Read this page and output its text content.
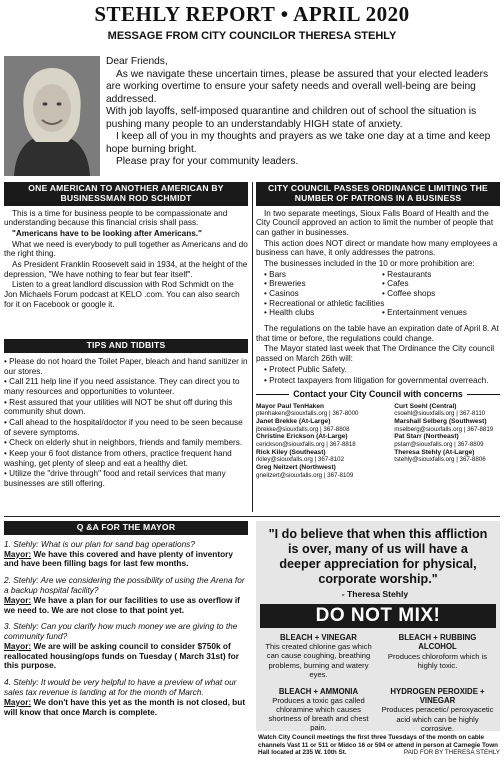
STEHLY REPORT • APRIL 2020
MESSAGE FROM CITY COUNCILOR THERESA STEHLY

Dear Friends,

As we navigate these uncertain times, please be assured that your elected leaders are working overtime to ensure your safety needs and overall well-being are being addressed.

With job layoffs, self-imposed quarantine and children out of school the situation is pushing many people to an understandably HIGH state of anxiety.

I keep all of you in my thoughts and prayers as we take one day at a time and keep hope burning bright.

Please pray for your community leaders.

ONE AMERICAN TO ANOTHER AMERICAN BY BUSINESSMAN ROD SCHMIDT

This is a time for business people to be compassionate and understanding because this financial crisis shall pass.

"Americans have to be looking after Americans."

What we need is everybody to pull together as Americans and do the right thing.

As President Franklin Roosevelt said in 1934, at the height of the depression, "We have nothing to fear but fear itself".

Listen to a great landlord discussion with Rod Schmidt on the Jon Michaels Forum podcast at KELO .com. You can also search for it on Facebook or google it.

TIPS AND TIDBITS

• Please do not hoard the Toilet Paper, bleach and hand sanitizer in our stores.

• Call 211 help line if you need assistance. They can direct you to many resources and opportunities to volunteer.

• Rest assured that your utilities will NOT be shut off during this community shut down.

• Call ahead to the hospital/doctor if you need to be seen because of severe symptoms.

• Check on elderly shut in neighbors, friends and family members.

• Keep your 6 foot distance from others, practice frequent hand washing, get plenty of sleep and eat a healthy diet.

• Utilize the "drive through" food and retail services that many businesses are still offering.

CITY COUNCIL PASSES ORDINANCE LIMITING THE NUMBER OF PATRONS IN A BUSINESS

In two separate meetings, Sioux Falls Board of Health and the City Council approved an action to limit the number of people that can gather in businesses.

This action does NOT direct or mandate how many employees a business can have, it only addresses the patrons.

The businesses included in the 10 or more prohibition are:

• Bars	• Restaurants
• Breweries	• Cafes
• Casinos	• Coffee shops
• Recreational or athletic facilities
• Health clubs	• Entertainment venues

The regulations on the table have an expiration date of April 8. At that time or before, the regulations could change.

The Mayor stated last week that The Ordinance the City council passed on March 26th will:

• Protect Public Safety.

• Protect taxpayers from litigation for governmental overreach.

Contact your City Council with concerns
Mayor Paul TenHaken
ptenhaken@siouxfalls.org | 367-8000
Janet Brekke (At-Large)
jbrekke@siouxfalls.org | 367-8808
Christine Erickson (At-Large)
cerickson@siouxfalls.org | 367-8818
Rick Kiley (Southeast)
rkiley@siouxfalls.org | 367-8102
Greg Neitzert (Northwest)
gneitzert@siouxfalls.org | 367-8109
Curt Soehl (Central)
csoehl@siouxfalls.org | 367-8110
Marshall Selberg (Southwest)
mselberg@siouxfalls.org | 367-8819
Pat Starr (Northeast)
pstarr@siouxfalls.org | 367-8809
Theresa Stehly (At-Large)
tstehly@siouxfalls.org | 367-8806
Q &A FOR THE MAYOR

1. Stehly: What is our plan for sand bag operations?
Mayor: We have this covered and have plenty of inventory and have been filling bags for last few months.

2. Stehly: Are we considering the possibility of using the Arena for a backup hospital facility?
Mayor: We have a plan for our facilities to use as overflow if we need to. We are not close to that point yet.

3. Stehly: Can you clarify how much money we are giving to the community fund?
Mayor: We are will be asking council to consider $750k of reallocated housing/ops funds on Tuesday ( March 31st) for this purpose.

4. Stehly: It would be very helpful to have a preview of what our sales tax revenue is landing at for the month of March.
Mayor: We don't have this yet as the month is not closed, but will know that once March is complete.

"I do believe that when this affliction is over, many of us will have a deeper appreciation for physical, corporate worship."
- Theresa Stehly
DO NOT MIX!
BLEACH + VINEGAR
This created chlorine gas which can cause coughing, breathing problems, burning and watery eyes.
BLEACH + RUBBING ALCOHOL
Produces chloroform which is highly toxic.
BLEACH + AMMONIA
Produces a toxic gas called chloramine which causes shortness of breath and chest pain.
HYDROGEN PEROXIDE + VINEGAR
Produces peracetic/ peroxyacetic acid which can be highly corrosive.
Watch City Council meetings the first three Tuesdays of the month on cable channels Vast 11 or 511 or Midco 16 or 594 or attend in person at Carnegie Town Hall located at 235 W. 10th St.	PAID FOR BY THERESA STEHLY
